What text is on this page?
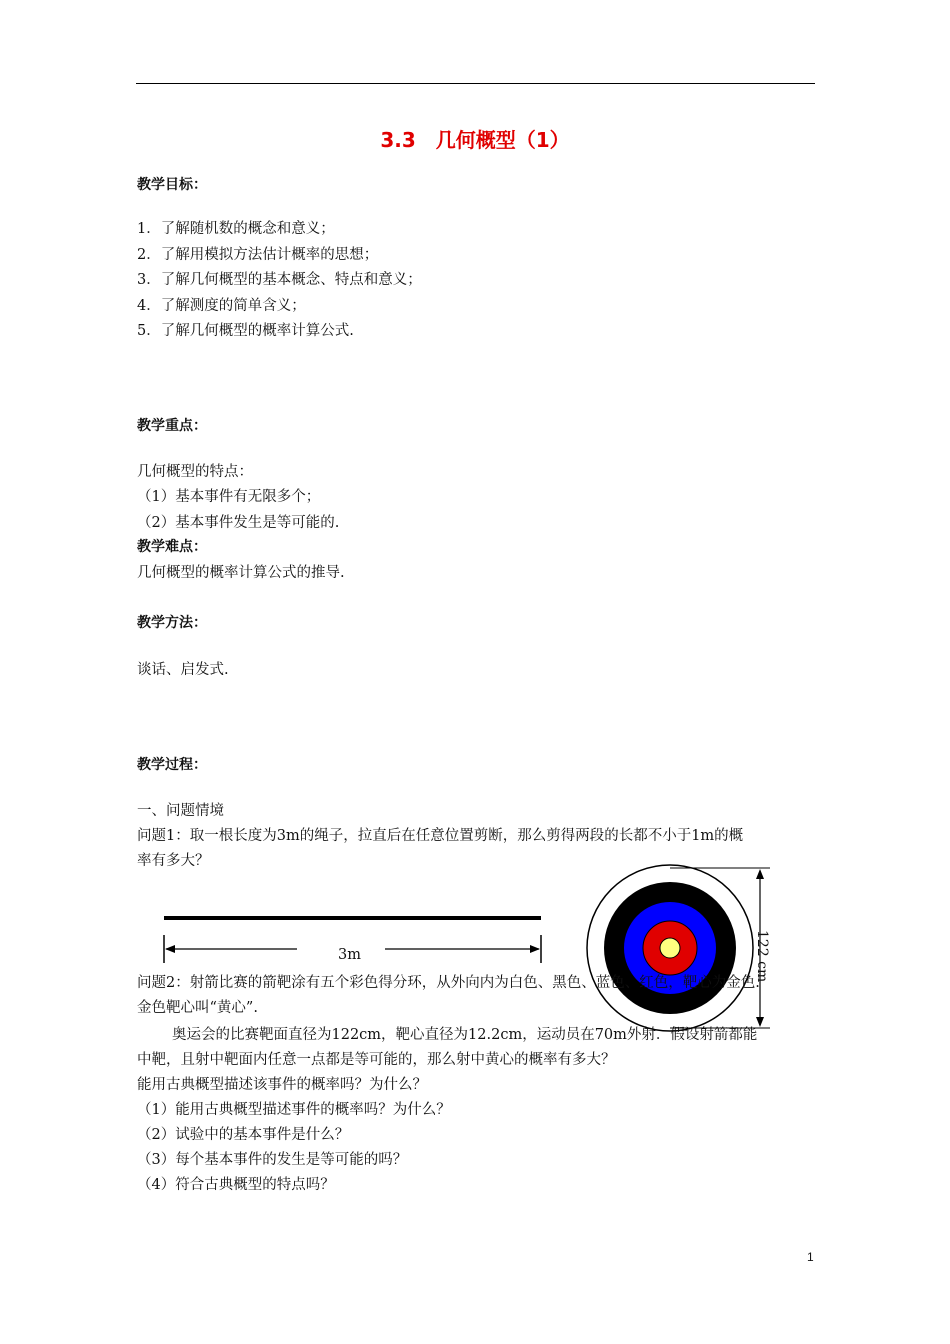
3.3　几何概型（1）
教学目标：
1．了解随机数的概念和意义；
2．了解用模拟方法估计概率的思想；
3．了解几何概型的基本概念、特点和意义；
4．了解测度的简单含义；
5．了解几何概型的概率计算公式.
教学重点：
几何概型的特点：
（1）基本事件有无限多个；
（2）基本事件发生是等可能的.
教学难点：
几何概型的概率计算公式的推导.
教学方法：
谈话、启发式.
教学过程：
一、问题情境
问题1：取一根长度为3m的绳子，拉直后在任意位置剪断，那么剪得两段的长都不小于1m的概
率有多大？
3m	122 cm
问题2：射箭比赛的箭靶涂有五个彩色得分环，从外向内为白色、黑色、蓝色、红色，靶心为金色.
金色靶心叫“黄心”.
奥运会的比赛靶面直径为122cm，靶心直径为12.2cm，运动员在70m外射．假设射箭都能
中靶，且射中靶面内任意一点都是等可能的，那么射中黄心的概率有多大？
能用古典概型描述该事件的概率吗？为什么？
（1）能用古典概型描述事件的概率吗？为什么？
（2）试验中的基本事件是什么？
（3）每个基本事件的发生是等可能的吗？
（4）符合古典概型的特点吗？
1
